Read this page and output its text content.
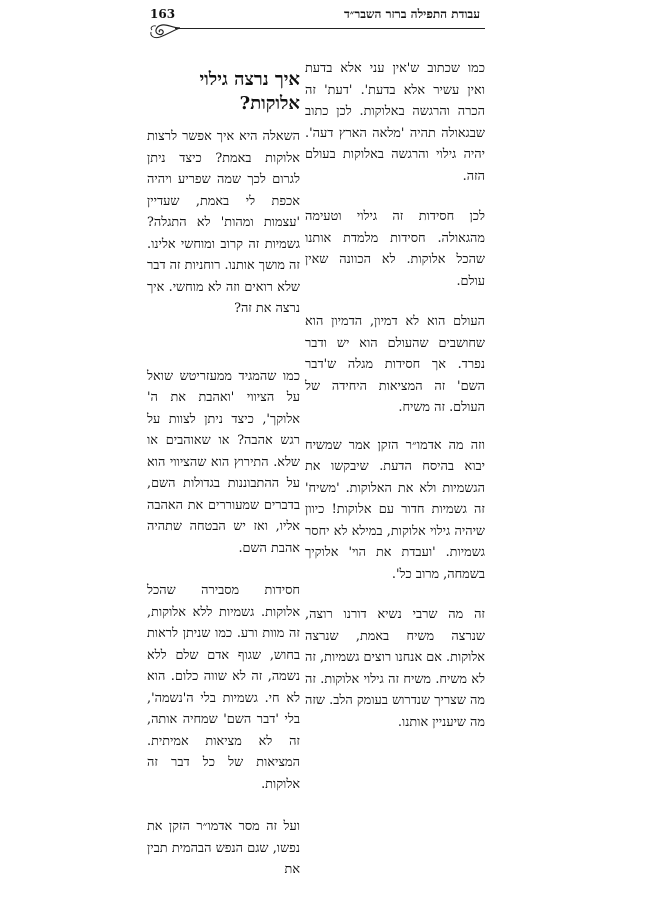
עבודת התפילה ברזר השבר״ד
163

כמו שכתוב ש'אין עני אלא בדעת ואין עשיר אלא בדעת'. 'דעת' זה הכרה והרגשה באלוקות. לכן כתוב שבגאולה תהיה 'מלאה הארץ דעה'. יהיה גילוי והרגשה באלוקות בעולם הזה.

לכן חסידות זה גילוי וטעימה מהגאולה. חסידות מלמדת אותנו שהכל אלוקות. לא הכוונה שאין עולם.

העולם הוא לא דמיון, הדמיון הוא שחושבים שהעולם הוא יש ודבר נפרד. אך חסידות מגלה ש'דבר השם' זה המציאות היחידה של העולם. זה משיח.

וזה מה אדמו״ר הזקן אמר שמשיח יבוא בהיסח הדעת. שיבקשו את הגשמיות ולא את האלוקות. 'משיח' זה גשמיות חדור עם אלוקות! כיוון שיהיה גילוי אלוקות, במילא לא יחסר גשמיות. 'ועבדת את הוי' אלוקיך בשמחה, מרוב כל'.

זה מה שרבי נשיא דורנו רוצה, שנרצה משיח באמת, שנרצה אלוקות. אם אנחנו רוצים גשמיות, זה לא משיח. משיח זה גילוי אלוקות. זה מה שצריך שנדרוש בעומק הלב. שזה מה שיעניין אותנו.

איך נרצה גילוי אלוקות?

השאלה היא איך אפשר לרצות אלוקות באמת? כיצד ניתן לגרום לכך שמה שפריע ויהיה אכפת לי באמת, שעדיין 'עצמות ומהות' לא התגלה? גשמיות זה קרוב ומוחשי אלינו. זה מושך אותנו. רוחניות זה דבר שלא רואים וזה לא מוחשי. איך נרצה את זה?

כמו שהמגיד ממעזריטש שואל על הציווי 'ואהבת את ה' אלוקך', כיצד ניתן לצוות על רגש אהבה? או שאוהבים או שלא. התירוץ הוא שהציווי הוא על ההתבוננות בגדולות השם, בדברים שמעוררים את האהבה אליו, ואז יש הבטחה שתהיה אהבת השם.

חסידות מסבירה שהכל אלוקות. גשמיות ללא אלוקות, זה מוות ורע. כמו שניתן לראות בחוש, שגוף אדם שלם ללא נשמה, זה לא שווה כלום. הוא לא חי. גשמיות בלי ה'נשמה', בלי 'דבר השם' שמחיה אותה, זה לא מציאות אמיתית. המציאות של כל דבר זה אלוקות.

ועל זה מסר אדמו״ר הזקן את נפשו, שגם הנפש הבהמית תבין את
